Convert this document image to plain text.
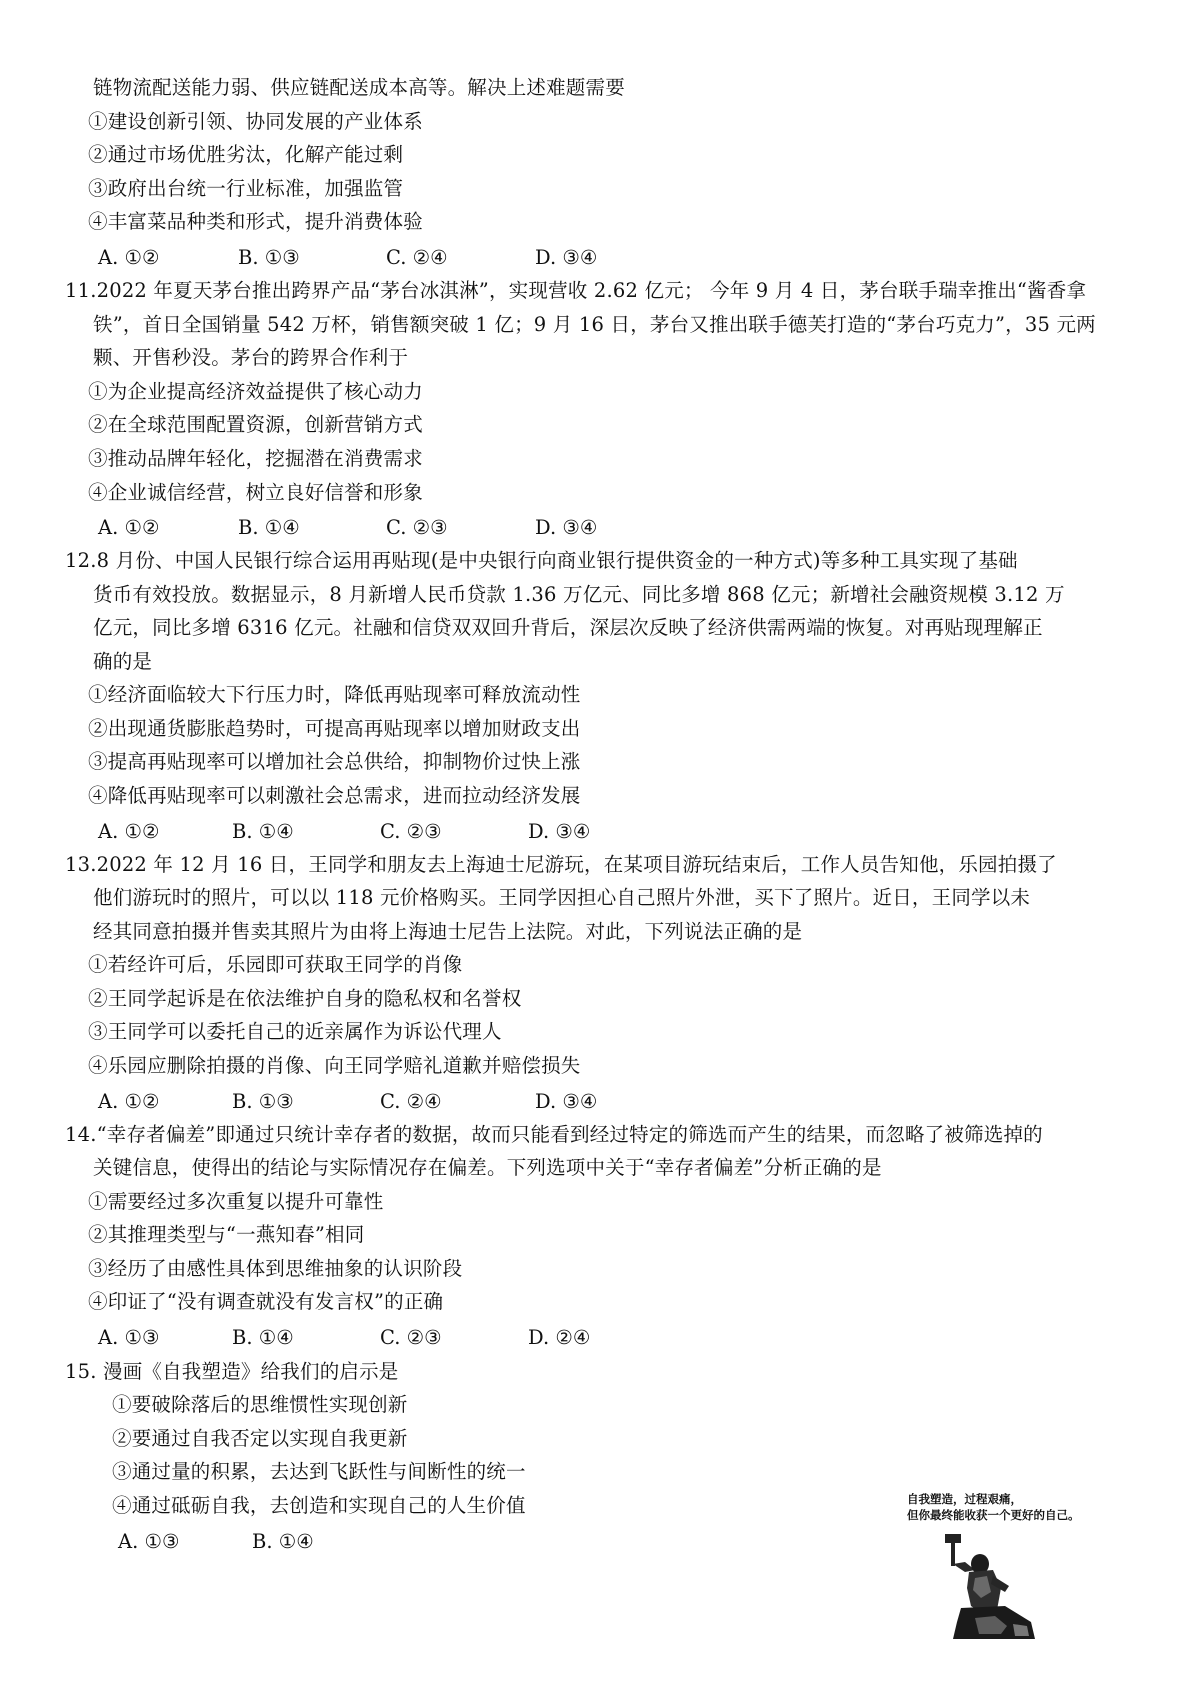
链物流配送能力弱、供应链配送成本高等。解决上述难题需要
①建设创新引领、协同发展的产业体系
②通过市场优胜劣汰，化解产能过剩
③政府出台统一行业标准，加强监管
④丰富菜品种类和形式，提升消费体验
A. ①②	B. ①③	C. ②④	D. ③④
11.2022 年夏天茅台推出跨界产品“茅台冰淇淋”，实现营收 2.62 亿元； 今年 9 月 4 日，茅台联手瑞幸推出“酱香拿
铁”，首日全国销量 542 万杯，销售额突破 1 亿；9 月 16 日，茅台又推出联手德芙打造的“茅台巧克力”，35 元两
颗、开售秒没。茅台的跨界合作利于
①为企业提高经济效益提供了核心动力
②在全球范围配置资源，创新营销方式
③推动品牌年轻化，挖掘潜在消费需求
④企业诚信经营，树立良好信誉和形象
A. ①②	B. ①④	C. ②③	D. ③④
12.8 月份、中国人民银行综合运用再贴现(是中央银行向商业银行提供资金的一种方式)等多种工具实现了基础
货币有效投放。数据显示，8 月新增人民币贷款 1.36 万亿元、同比多增 868 亿元；新增社会融资规模 3.12 万
亿元，同比多增 6316 亿元。社融和信贷双双回升背后，深层次反映了经济供需两端的恢复。对再贴现理解正
确的是
①经济面临较大下行压力时，降低再贴现率可释放流动性
②出现通货膨胀趋势时，可提高再贴现率以增加财政支出
③提高再贴现率可以增加社会总供给，抑制物价过快上涨
④降低再贴现率可以刺激社会总需求，进而拉动经济发展
A. ①②	B. ①④	C. ②③	D. ③④
13.2022 年 12 月 16 日，王同学和朋友去上海迪士尼游玩，在某项目游玩结束后，工作人员告知他，乐园拍摄了
他们游玩时的照片，可以以 118 元价格购买。王同学因担心自己照片外泄，买下了照片。近日，王同学以未
经其同意拍摄并售卖其照片为由将上海迪士尼告上法院。对此，下列说法正确的是
①若经许可后，乐园即可获取王同学的肖像
②王同学起诉是在依法维护自身的隐私权和名誉权
③王同学可以委托自己的近亲属作为诉讼代理人
④乐园应删除拍摄的肖像、向王同学赔礼道歉并赔偿损失
A. ①②	B. ①③	C. ②④	D. ③④
14.“幸存者偏差”即通过只统计幸存者的数据，故而只能看到经过特定的筛选而产生的结果，而忽略了被筛选掉的
关键信息，使得出的结论与实际情况存在偏差。下列选项中关于“幸存者偏差”分析正确的是
①需要经过多次重复以提升可靠性
②其推理类型与“一燕知春”相同
③经历了由感性具体到思维抽象的认识阶段
④印证了“没有调查就没有发言权”的正确
A. ①③	B. ①④	C. ②③	D. ②④
15. 漫画《自我塑造》给我们的启示是
①要破除落后的思维惯性实现创新
②要通过自我否定以实现自我更新
③通过量的积累，去达到飞跃性与间断性的统一
④通过砥砺自我，去创造和实现自己的人生价值
A. ①③	B. ①④
自我塑造，过程艰痛，
但你最终能收获一个更好的自己。
